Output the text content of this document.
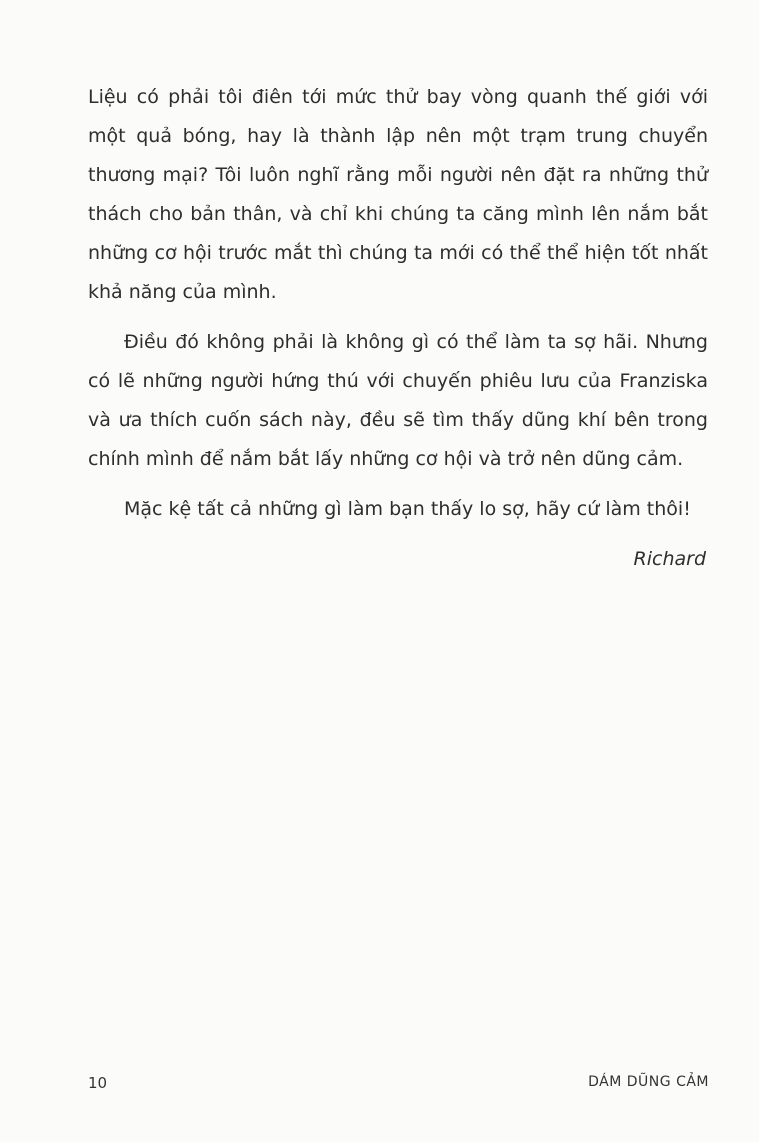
Liệu có phải tôi điên tới mức thử bay vòng quanh thế giới với một quả bóng, hay là thành lập nên một trạm trung chuyển thương mại? Tôi luôn nghĩ rằng mỗi người nên đặt ra những thử thách cho bản thân, và chỉ khi chúng ta căng mình lên nắm bắt những cơ hội trước mắt thì chúng ta mới có thể thể hiện tốt nhất khả năng của mình.

Điều đó không phải là không gì có thể làm ta sợ hãi. Nhưng có lẽ những người hứng thú với chuyến phiêu lưu của Franziska và ưa thích cuốn sách này, đều sẽ tìm thấy dũng khí bên trong chính mình để nắm bắt lấy những cơ hội và trở nên dũng cảm.

Mặc kệ tất cả những gì làm bạn thấy lo sợ, hãy cứ làm thôi!

Richard

10	DÁM DŨNG CẢM
